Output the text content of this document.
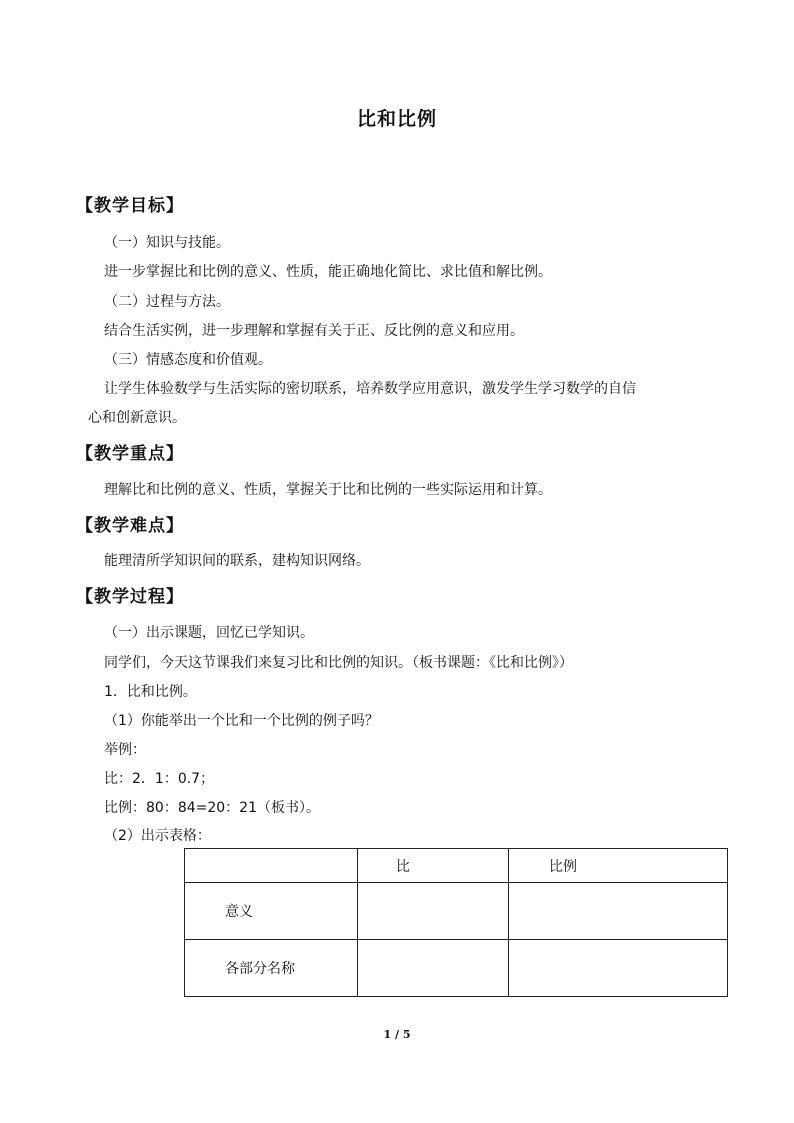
比和比例
【教学目标】
（一）知识与技能。
进一步掌握比和比例的意义、性质，能正确地化简比、求比值和解比例。
（二）过程与方法。
结合生活实例，进一步理解和掌握有关于正、反比例的意义和应用。
（三）情感态度和价值观。
让学生体验数学与生活实际的密切联系，培养数学应用意识，激发学生学习数学的自信
心和创新意识。
【教学重点】
理解比和比例的意义、性质，掌握关于比和比例的一些实际运用和计算。
【教学难点】
能理清所学知识间的联系，建构知识网络。
【教学过程】
（一）出示课题，回忆已学知识。
同学们，今天这节课我们来复习比和比例的知识。（板书课题：《比和比例》）
1．比和比例。
（1）你能举出一个比和一个比例的例子吗？
举例：
比：2．1：0.7；
比例：80：84=20：21（板书）。
（2）出示表格：
	比	比例
意义		
各部分名称		
1 / 5
